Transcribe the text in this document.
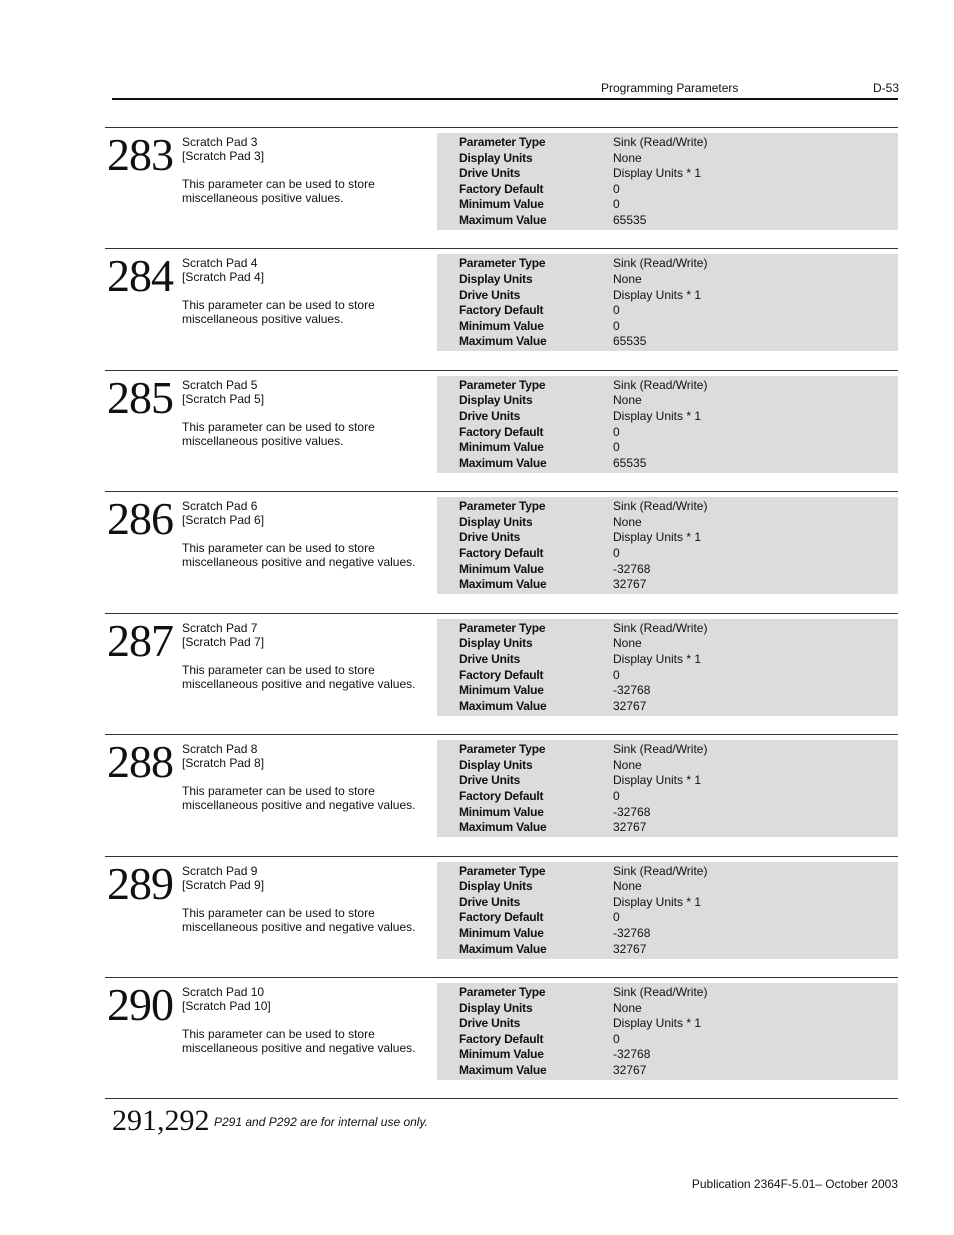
Programming Parameters	D-53
283 Scratch Pad 3
[Scratch Pad 3]
This parameter can be used to store miscellaneous positive values.
Parameter Type	Sink (Read/Write)
Display Units	None
Drive Units	Display Units * 1
Factory Default	0
Minimum Value	0
Maximum Value	65535
284 Scratch Pad 4
[Scratch Pad 4]
This parameter can be used to store miscellaneous positive values.
Parameter Type	Sink (Read/Write)
Display Units	None
Drive Units	Display Units * 1
Factory Default	0
Minimum Value	0
Maximum Value	65535
285 Scratch Pad 5
[Scratch Pad 5]
This parameter can be used to store miscellaneous positive values.
Parameter Type	Sink (Read/Write)
Display Units	None
Drive Units	Display Units * 1
Factory Default	0
Minimum Value	0
Maximum Value	65535
286 Scratch Pad 6
[Scratch Pad 6]
This parameter can be used to store miscellaneous positive and negative values.
Parameter Type	Sink (Read/Write)
Display Units	None
Drive Units	Display Units * 1
Factory Default	0
Minimum Value	-32768
Maximum Value	32767
287 Scratch Pad 7
[Scratch Pad 7]
This parameter can be used to store miscellaneous positive and negative values.
Parameter Type	Sink (Read/Write)
Display Units	None
Drive Units	Display Units * 1
Factory Default	0
Minimum Value	-32768
Maximum Value	32767
288 Scratch Pad 8
[Scratch Pad 8]
This parameter can be used to store miscellaneous positive and negative values.
Parameter Type	Sink (Read/Write)
Display Units	None
Drive Units	Display Units * 1
Factory Default	0
Minimum Value	-32768
Maximum Value	32767
289 Scratch Pad 9
[Scratch Pad 9]
This parameter can be used to store miscellaneous positive and negative values.
Parameter Type	Sink (Read/Write)
Display Units	None
Drive Units	Display Units * 1
Factory Default	0
Minimum Value	-32768
Maximum Value	32767
290 Scratch Pad 10
[Scratch Pad 10]
This parameter can be used to store miscellaneous positive and negative values.
Parameter Type	Sink (Read/Write)
Display Units	None
Drive Units	Display Units * 1
Factory Default	0
Minimum Value	-32768
Maximum Value	32767
291,292 P291 and P292 are for internal use only.
Publication 2364F-5.01– October 2003
